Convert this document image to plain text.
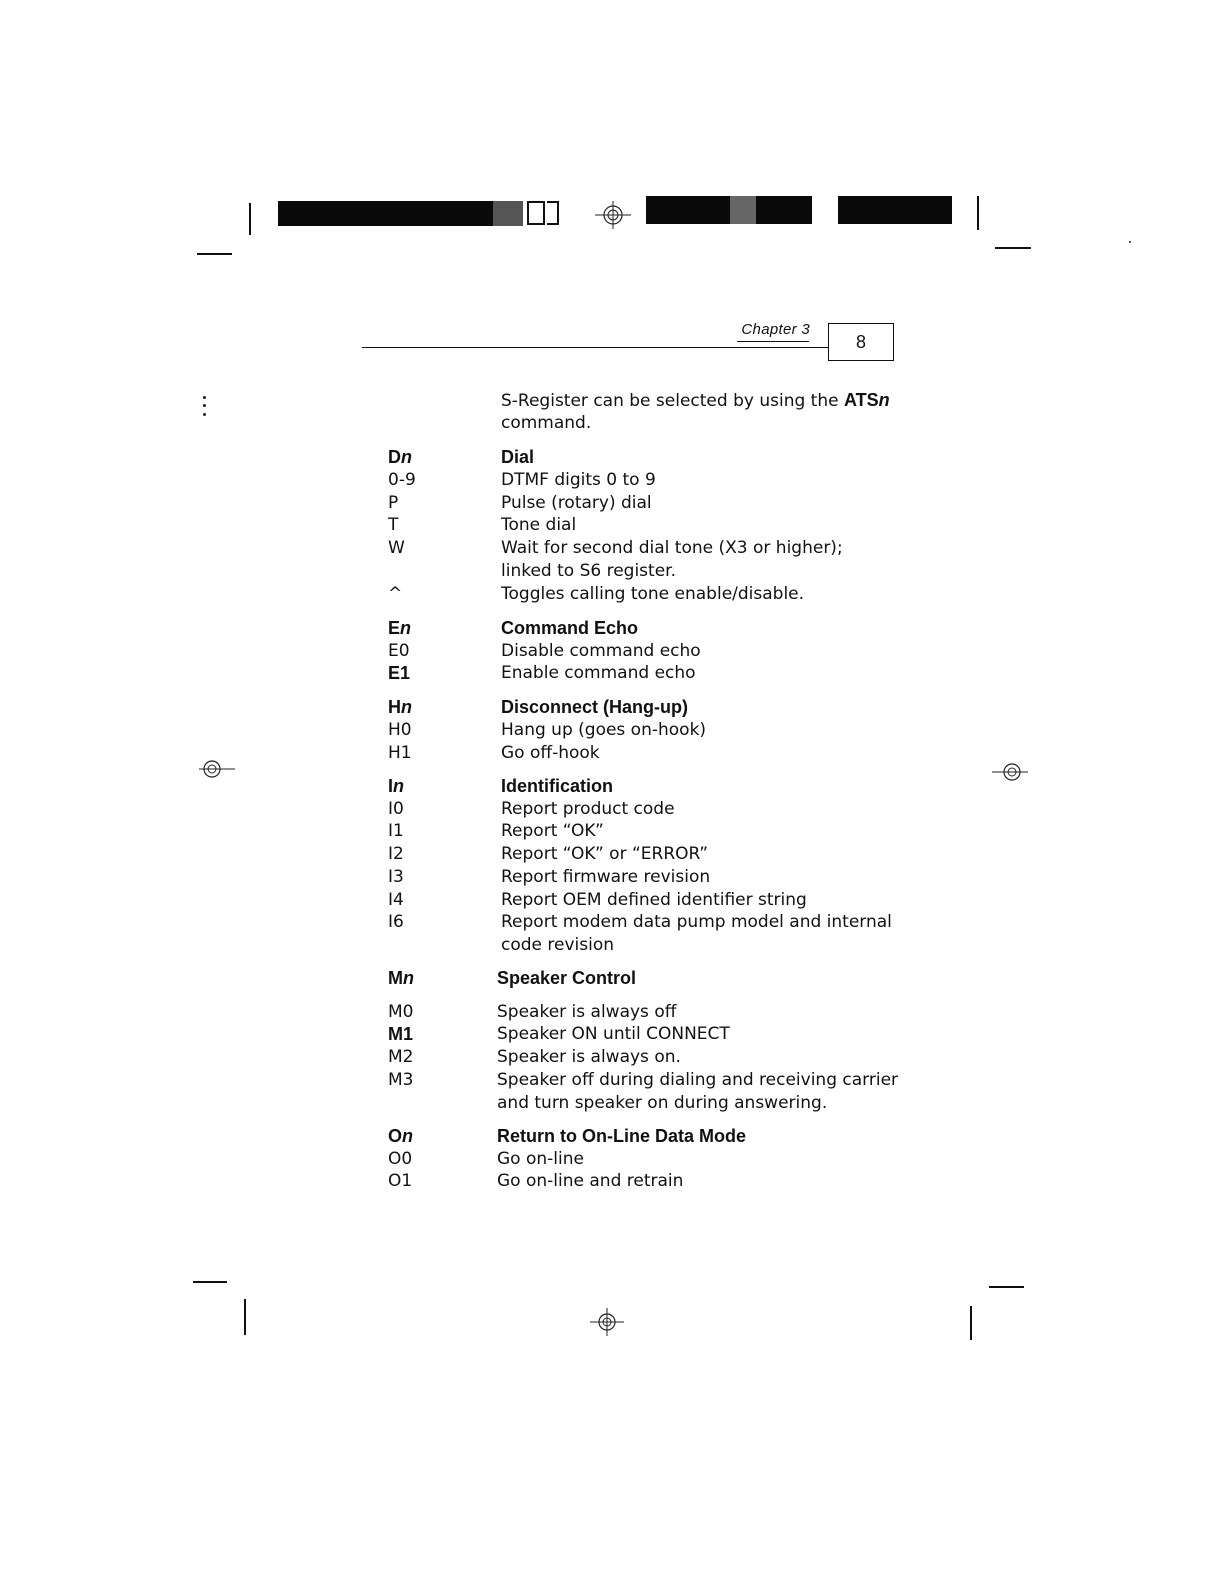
Chapter 3
8
S-Register can be selected by using the ATSn
command.
Dn	Dial
0-9	DTMF digits 0 to 9
P	Pulse (rotary) dial
T	Tone dial
W	Wait for second dial tone (X3 or higher);
linked to S6 register.
^	Toggles calling tone enable/disable.
En	Command Echo
E0	Disable command echo
E1	Enable command echo
Hn	Disconnect (Hang-up)
H0	Hang up (goes on-hook)
H1	Go off-hook
In	Identification
I0	Report product code
I1	Report “OK”
I2	Report “OK” or “ERROR”
I3	Report firmware revision
I4	Report OEM defined identifier string
I6	Report modem data pump model and internal
code revision
Mn	Speaker Control
M0	Speaker is always off
M1	Speaker ON until CONNECT
M2	Speaker is always on.
M3	Speaker off during dialing and receiving carrier
and turn speaker on during answering.
On	Return to On-Line Data Mode
O0	Go on-line
O1	Go on-line and retrain
